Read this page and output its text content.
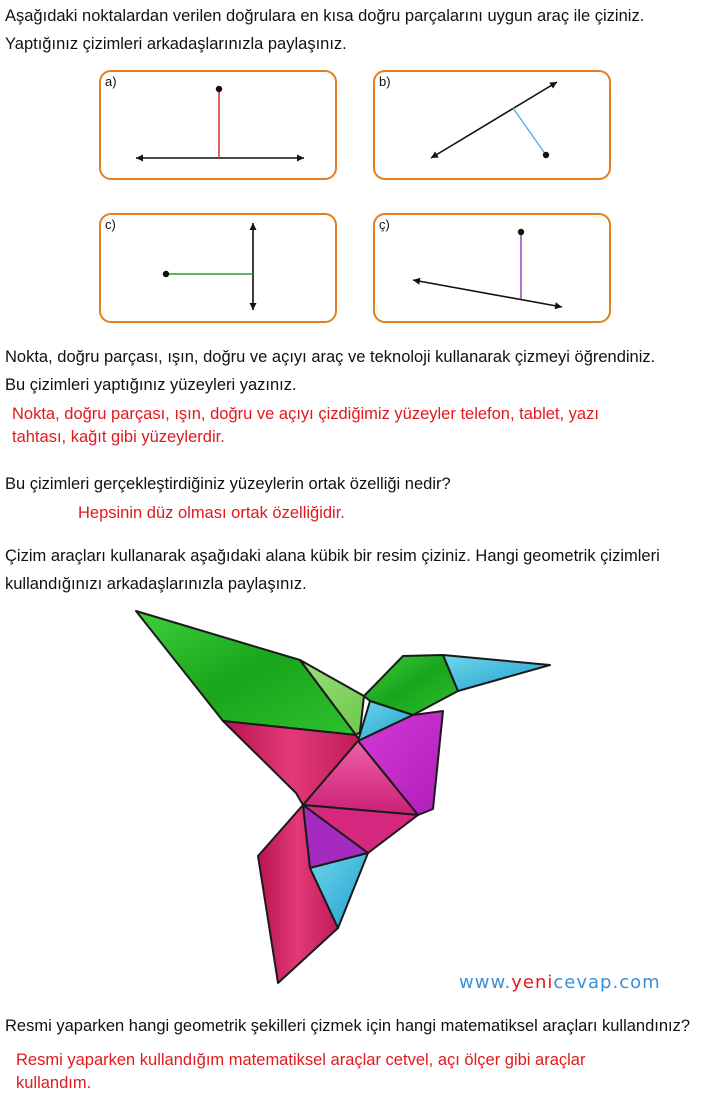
Aşağıdaki noktalardan verilen doğrulara en kısa doğru parçalarını uygun araç ile çiziniz.
Yaptığınız çizimleri arkadaşlarınızla paylaşınız.
a)	b)
c)	ç)
Nokta, doğru parçası, ışın, doğru ve açıyı araç ve teknoloji kullanarak çizmeyi öğrendiniz.
Bu çizimleri yaptığınız yüzeyleri yazınız.
Nokta, doğru parçası, ışın, doğru ve açıyı çizdiğimiz yüzeyler telefon, tablet, yazı
tahtası, kağıt gibi yüzeylerdir.
Bu çizimleri gerçekleştirdiğiniz yüzeylerin ortak özelliği nedir?
Hepsinin düz olması ortak özelliğidir.
Çizim araçları kullanarak aşağıdaki alana kübik bir resim çiziniz. Hangi geometrik çizimleri
kullandığınızı arkadaşlarınızla paylaşınız.
www.yenicevap.com
Resmi yaparken hangi geometrik şekilleri çizmek için hangi matematiksel araçları kullandınız?
Resmi yaparken kullandığım matematiksel araçlar cetvel, açı ölçer gibi araçlar
kullandım.
